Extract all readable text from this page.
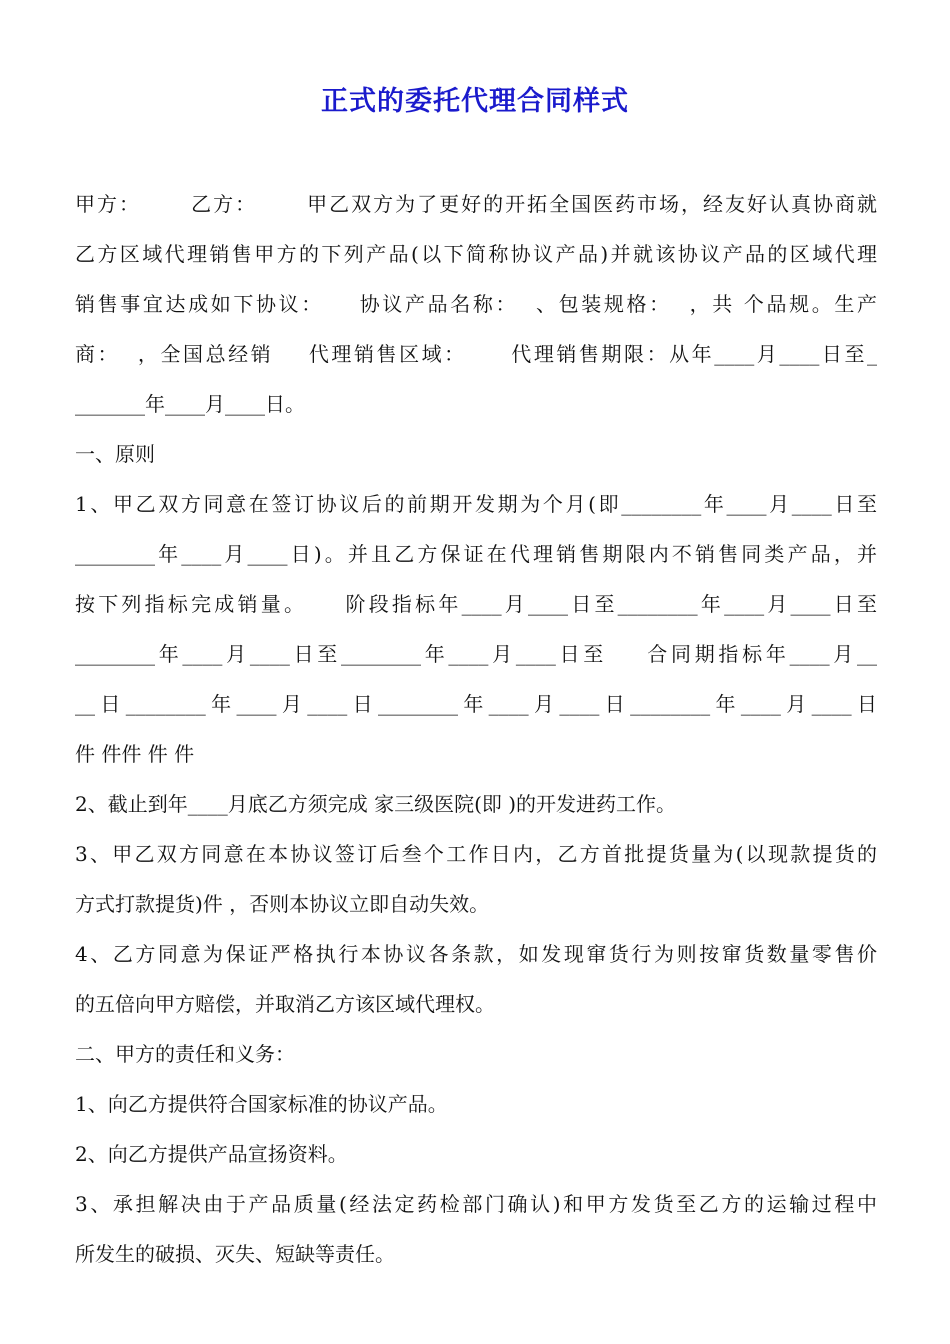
正式的委托代理合同样式
甲方：      乙方：      甲乙双方为了更好的开拓全国医药市场，经友好认真协商就
乙方区域代理销售甲方的下列产品(以下简称协议产品)并就该协议产品的区域代理
销售事宜达成如下协议：    协议产品名称：  、包装规格：  ，共 个品规。生产
商：  ，全国总经销    代理销售区域：     代理销售期限：从年____月____日至_
_______年____月____日。
一、原则
1、甲乙双方同意在签订协议后的前期开发期为个月(即________年____月____日至
________年____月____日)。并且乙方保证在代理销售期限内不销售同类产品，并
按下列指标完成销量。    阶段指标年____月____日至________年____月____日至
________年____月____日至________年____月____日至    合同期指标年____月__
__日________年____月____日________年____月____日________年____月____日
件 件件 件 件
2、截止到年____月底乙方须完成 家三级医院(即 )的开发进药工作。
3、甲乙双方同意在本协议签订后叁个工作日内，乙方首批提货量为(以现款提货的
方式打款提货)件 ，否则本协议立即自动失效。
4、乙方同意为保证严格执行本协议各条款，如发现窜货行为则按窜货数量零售价
的五倍向甲方赔偿，并取消乙方该区域代理权。
二、甲方的责任和义务：
1、向乙方提供符合国家标准的协议产品。
2、向乙方提供产品宣扬资料。
3、承担解决由于产品质量(经法定药检部门确认)和甲方发货至乙方的运输过程中
所发生的破损、灭失、短缺等责任。
